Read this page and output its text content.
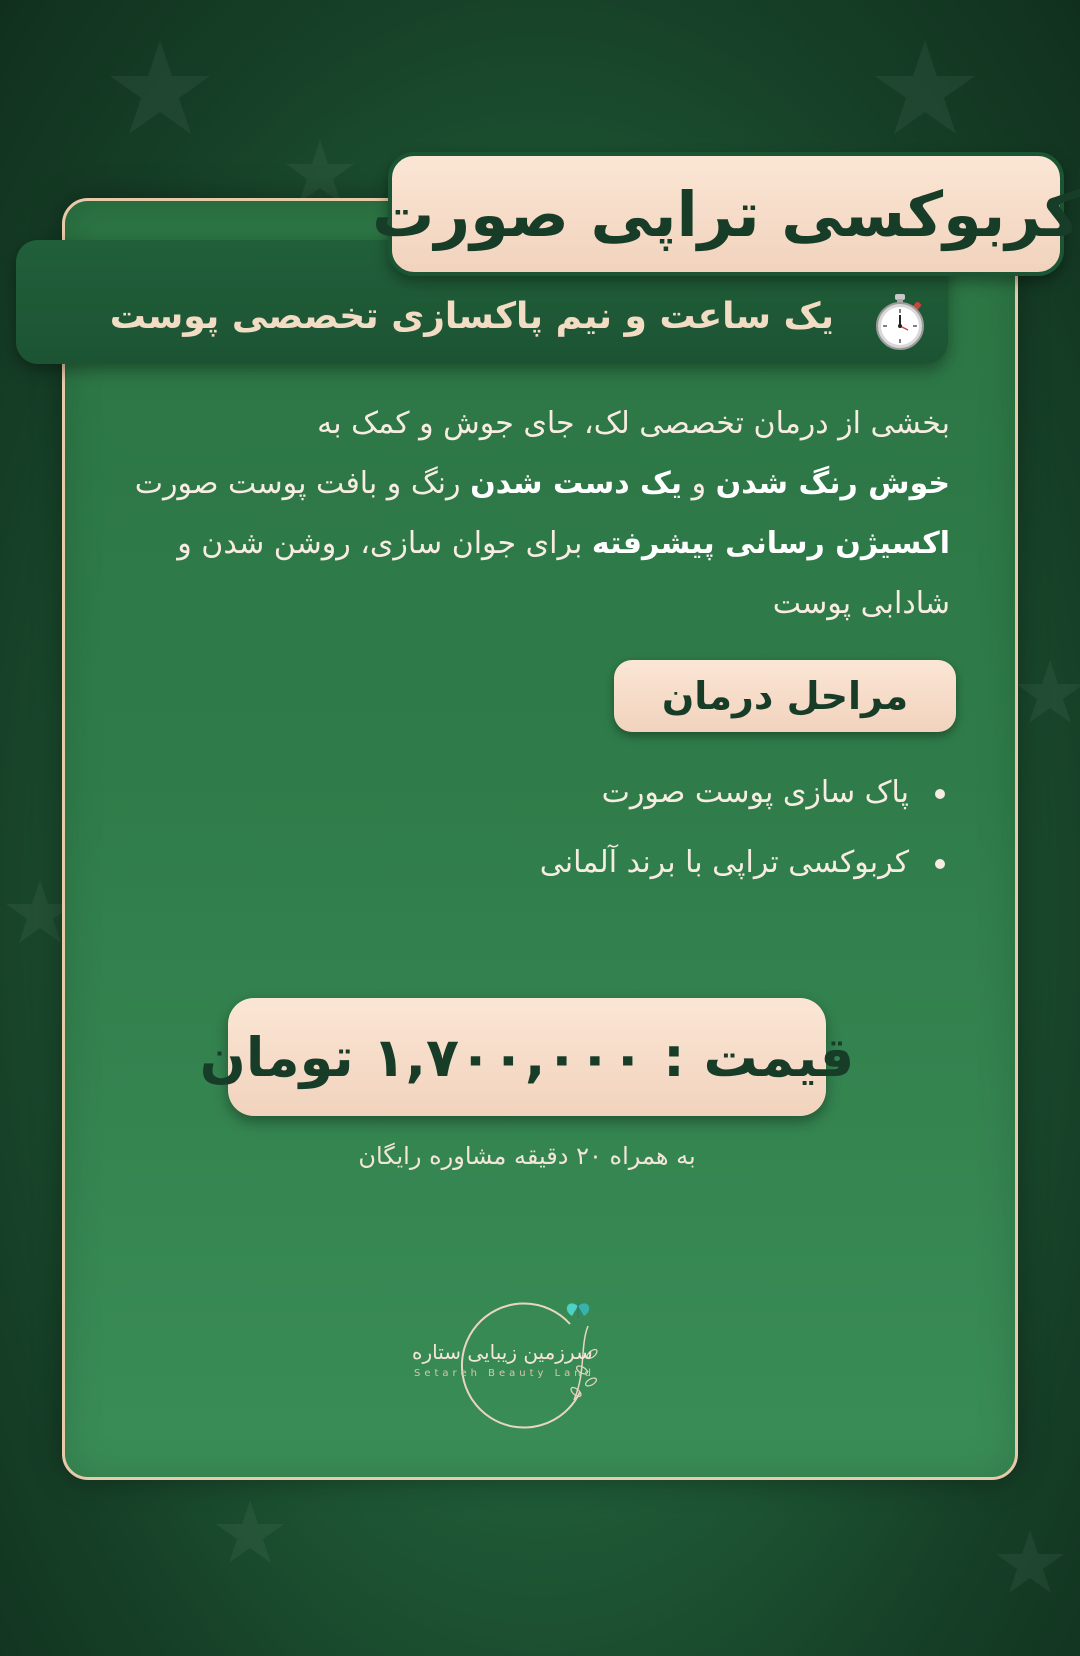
یک ساعت و نیم پاکسازی تخصصی پوست
کربوکسی تراپی صورت

بخشی از درمان تخصصی لک، جای جوش و کمک به

خوش رنگ شدن و یک دست شدن رنگ و بافت پوست صورت

اکسیژن رسانی پیشرفته برای جوان سازی، روشن شدن و

شادابی پوست

مراحل درمان
پاک سازی پوست صورت
کربوکسی تراپی با برند آلمانی
قیمت : ۱,۷۰۰,۰۰۰ تومان
به همراه ۲۰ دقیقه مشاوره رایگان
سرزمین زیبایی ستاره
Setareh Beauty Land
